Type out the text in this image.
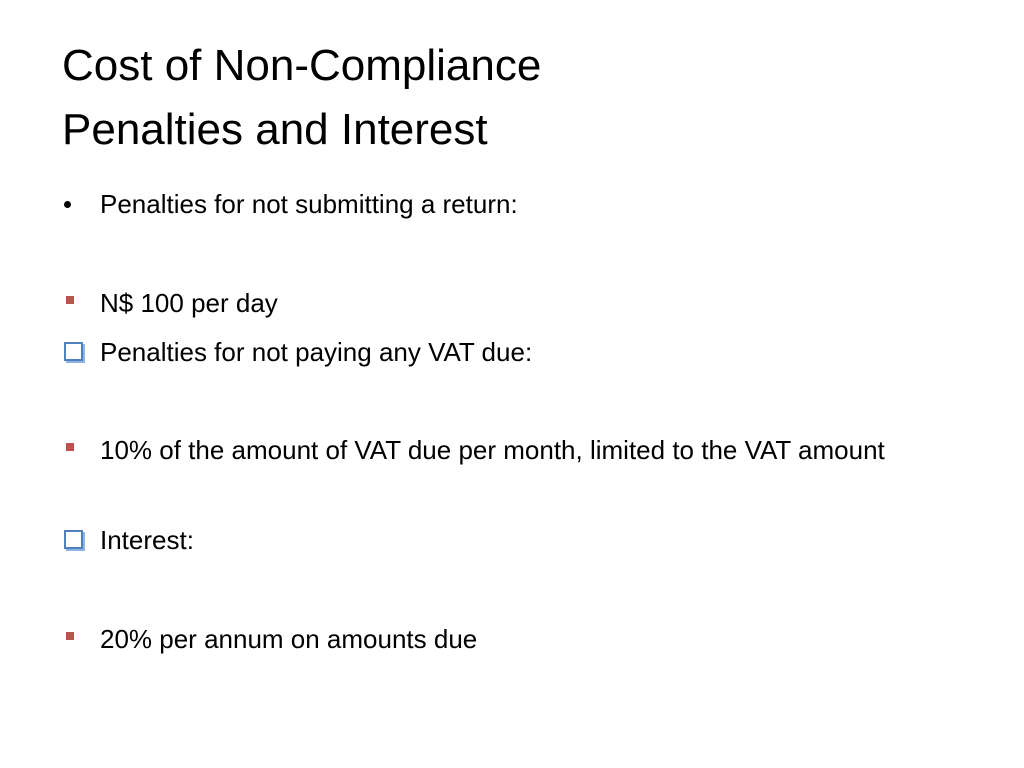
Cost of Non-Compliance
Penalties and Interest
Penalties for not submitting a return:
N$ 100 per day
Penalties for not paying any VAT due:
10% of the amount of VAT due per month, limited to the VAT amount
Interest:
20% per annum on amounts due
